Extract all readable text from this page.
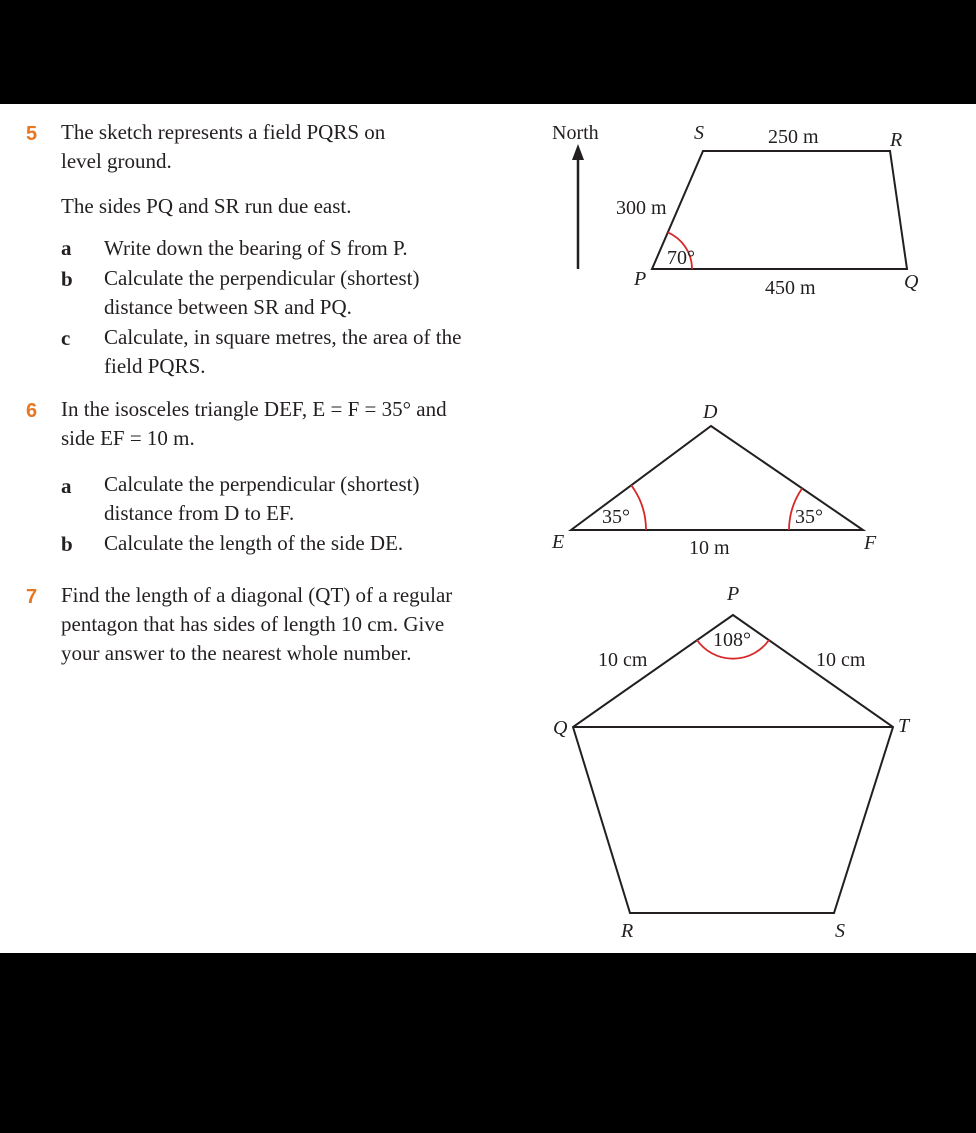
5 The sketch represents a field PQRS on
level ground.
The sides PQ and SR run due east.
a Write down the bearing of S from P.
b Calculate the perpendicular (shortest)
distance between SR and PQ.
c Calculate, in square metres, the area of the
field PQRS.
6 In the isosceles triangle DEF, E = F = 35° and
side EF = 10 m.
a Calculate the perpendicular (shortest)
distance from D to EF.
b Calculate the length of the side DE.
7 Find the length of a diagonal (QT) of a regular
pentagon that has sides of length 10 cm. Give
your answer to the nearest whole number.
North	S	R
P	Q
250 m
300 m
450 m
70°
D
E	F
35°	35°
10 m
P
Q
R	S
T
108°
10 cm	10 cm
